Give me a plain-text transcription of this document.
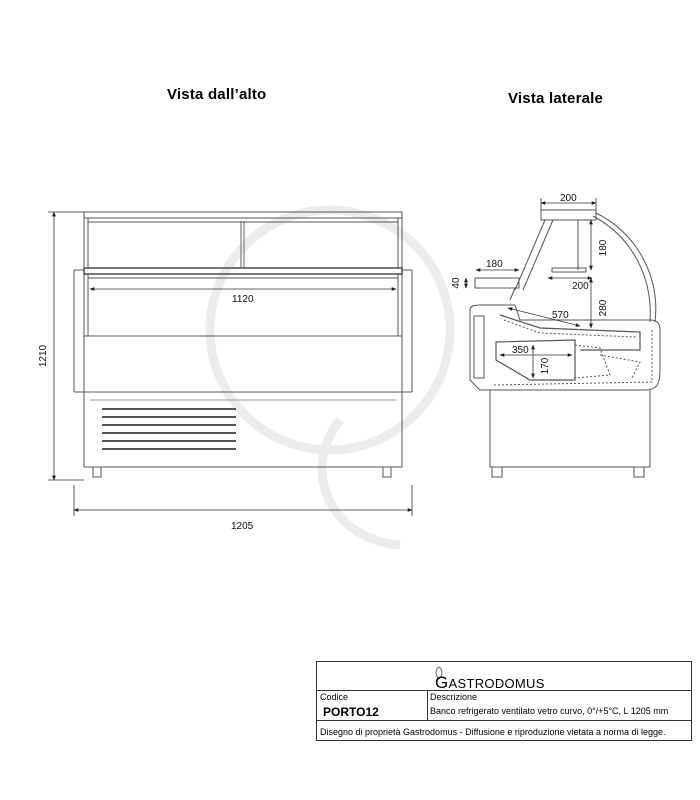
Vista dall’alto	Vista laterale
1120
1210
1205
200
180
180
40	200
280
570
350
170
GASTRODOMUS
Codice
PORTO12
Descrizione
Banco refrigerato ventilato vetro curvo, 0°/+5°C, L 1205 mm
Disegno di proprietà Gastrodomus - Diffusione e riproduzione vietata a norma di legge.
